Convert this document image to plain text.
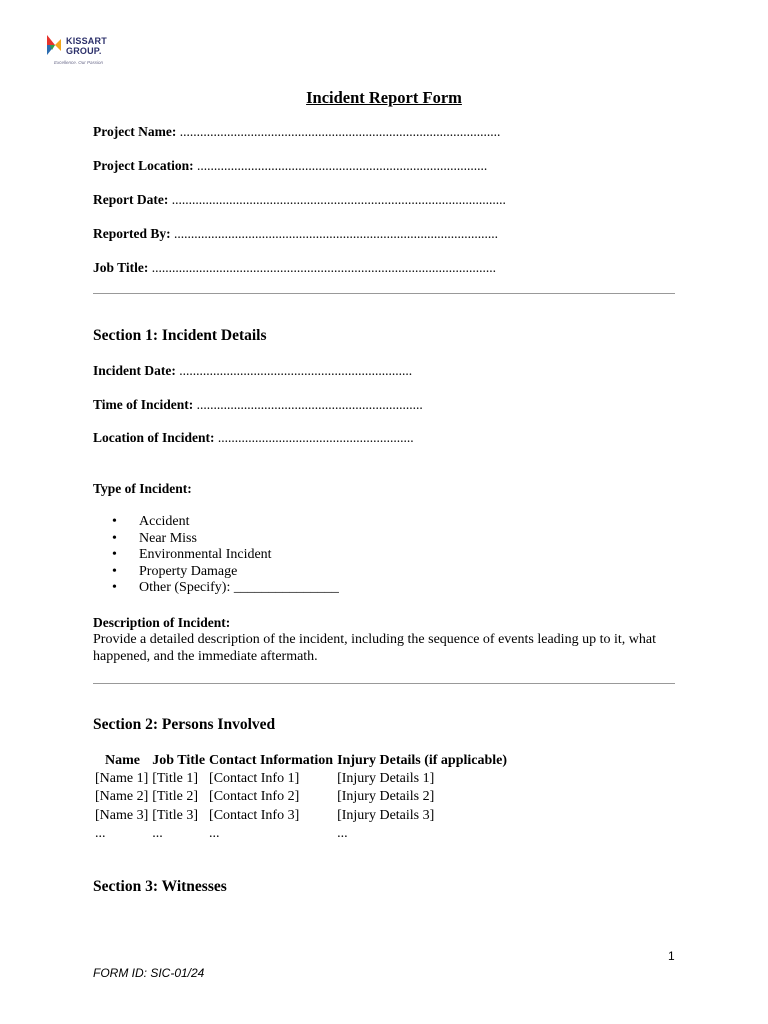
KISSART
GROUP.
Excellence. Our Passion
Incident Report Form
Project Name: ...............................................................................................
Project Location: ......................................................................................
Report Date: ...................................................................................................
Reported By: ................................................................................................
Job Title: ......................................................................................................
Section 1: Incident Details
Incident Date: .....................................................................
Time of Incident: ...................................................................
Location of Incident: ..........................................................
Type of Incident:
• Accident
• Near Miss
• Environmental Incident
• Property Damage
• Other (Specify): _______________
Description of Incident:
Provide a detailed description of the incident, including the sequence of events leading up to it, what happened, and the immediate aftermath.
Section 2: Persons Involved
Name	Job Title	Contact Information	Injury Details (if applicable)
[Name 1]	[Title 1]	[Contact Info 1]	[Injury Details 1]
[Name 2]	[Title 2]	[Contact Info 2]	[Injury Details 2]
[Name 3]	[Title 3]	[Contact Info 3]	[Injury Details 3]
...	...	...	...
Section 3: Witnesses
1
FORM ID: SIC-01/24
